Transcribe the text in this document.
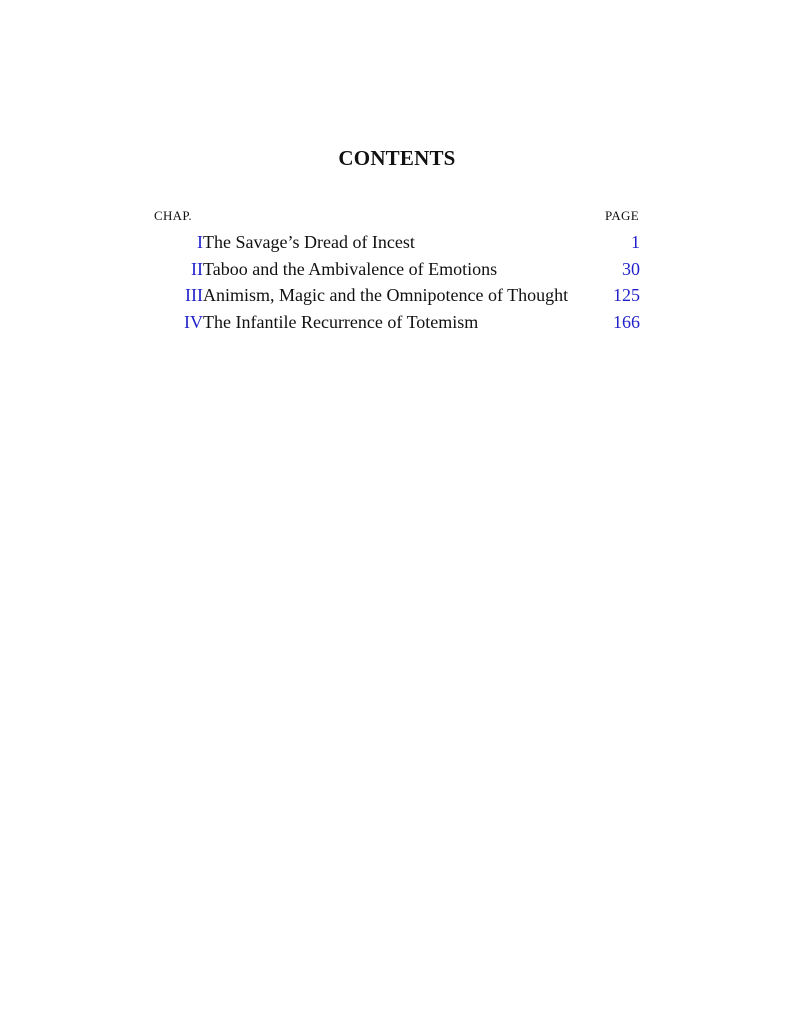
CONTENTS
CHAP.	PAGE
I The Savage’s Dread of Incest	1
II Taboo and the Ambivalence of Emotions	30
III Animism, Magic and the Omnipotence of Thought 125
IV The Infantile Recurrence of Totemism	166
